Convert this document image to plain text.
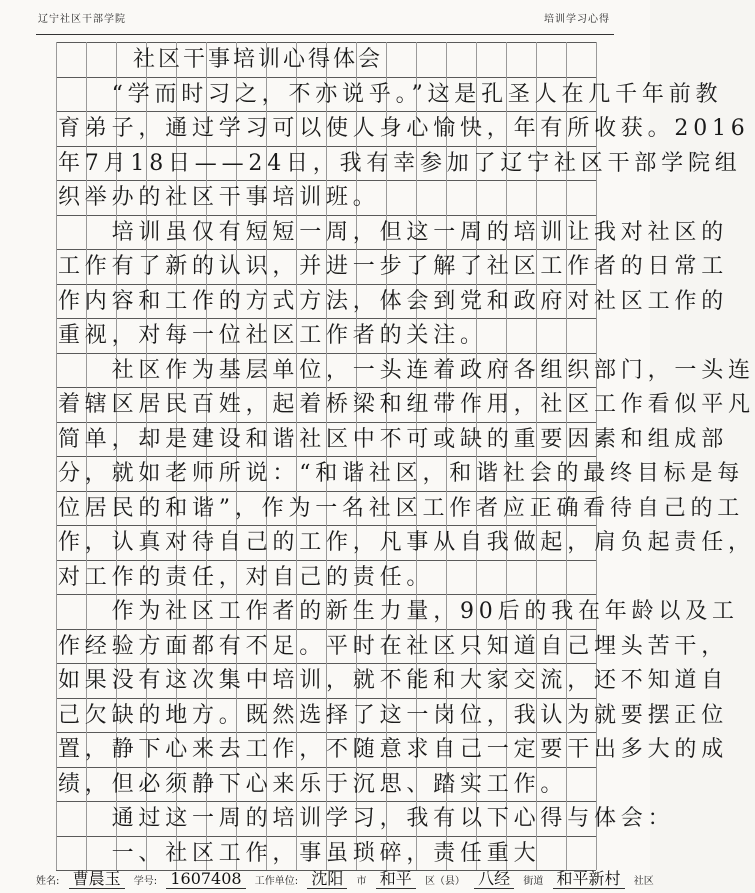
辽宁社区干部学院	培训学习心得
　　　社区干事培训心得体会
　　“学而时习之，不亦说乎。”这是孔圣人在几千年前教
育弟子，通过学习可以使人身心愉快，年有所收获。2016
年7月18日——24日，我有幸参加了辽宁社区干部学院组
织举办的社区干事培训班。
　　培训虽仅有短短一周，但这一周的培训让我对社区的
工作有了新的认识，并进一步了解了社区工作者的日常工
作内容和工作的方式方法，体会到党和政府对社区工作的
重视，对每一位社区工作者的关注。
　　社区作为基层单位，一头连着政府各组织部门，一头连
着辖区居民百姓，起着桥梁和纽带作用，社区工作看似平凡
简单，却是建设和谐社区中不可或缺的重要因素和组成部
分，就如老师所说：“和谐社区，和谐社会的最终目标是每
位居民的和谐”，作为一名社区工作者应正确看待自己的工
作，认真对待自己的工作，凡事从自我做起，肩负起责任，
对工作的责任，对自己的责任。
　　作为社区工作者的新生力量，90后的我在年龄以及工
作经验方面都有不足。平时在社区只知道自己埋头苦干，
如果没有这次集中培训，就不能和大家交流，还不知道自
己欠缺的地方。既然选择了这一岗位，我认为就要摆正位
置，静下心来去工作，不随意求自己一定要干出多大的成
绩，但必须静下心来乐于沉思、踏实工作。
　　通过这一周的培训学习，我有以下心得与体会：
　　一、社区工作，事虽琐碎，责任重大
姓名: 曹晨玉 学号: 1607408 工作单位: 沈阳 市 和平 区（县） 八经 街道 和平新村 社区
